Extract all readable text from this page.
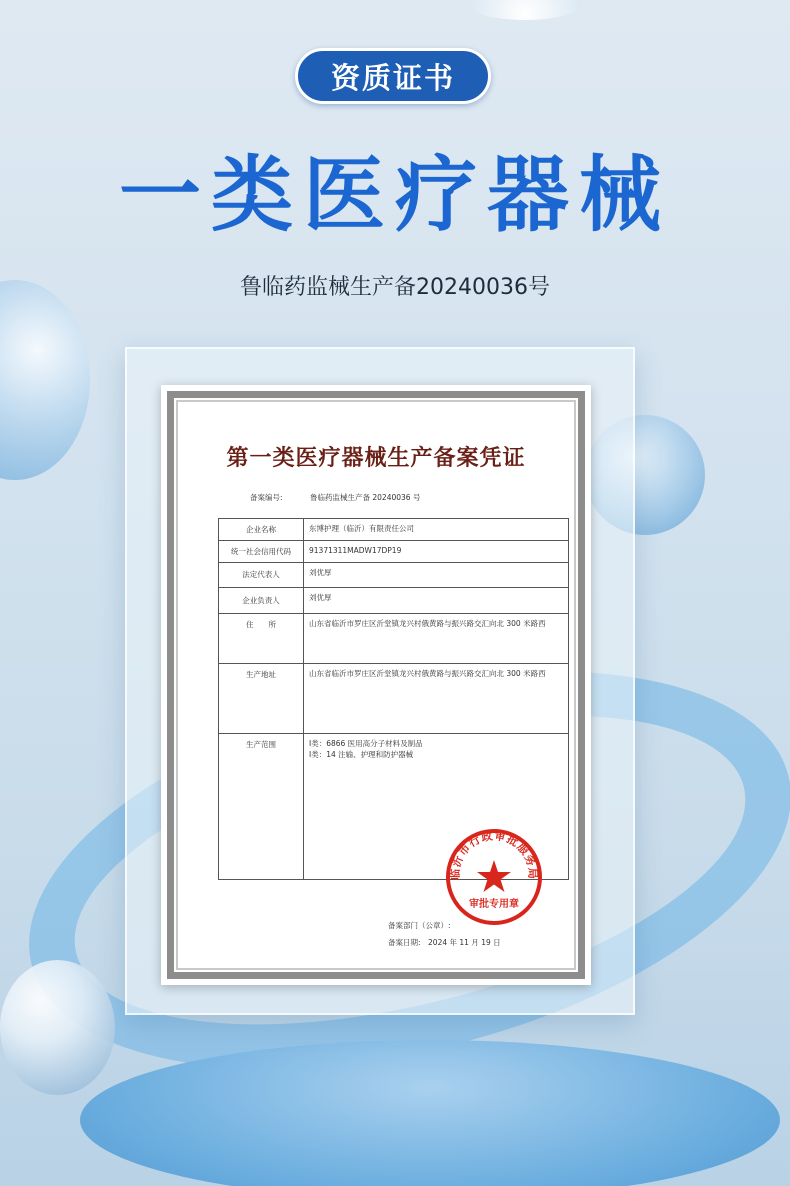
资质证书
一类医疗器械
鲁临药监械生产备20240036号
第一类医疗器械生产备案凭证
备案编号:	鲁临药监械生产备 20240036 号
企业名称	东博护理（临沂）有限责任公司
统一社会信用代码	91371311MADW17DP19
法定代表人	刘优厚
企业负责人	刘优厚
住　　所	山东省临沂市罗庄区沂堂镇龙兴村俄黄路与振兴路交汇向北 300 米路西
生产地址	山东省临沂市罗庄区沂堂镇龙兴村俄黄路与振兴路交汇向北 300 米路西
生产范围	Ⅰ类：6866 医用高分子材料及制品
Ⅰ类：14 注输、护理和防护器械
临沂市行政审批服务局
审批专用章
备案部门（公章）:
备案日期:　2024 年 11 月 19 日
